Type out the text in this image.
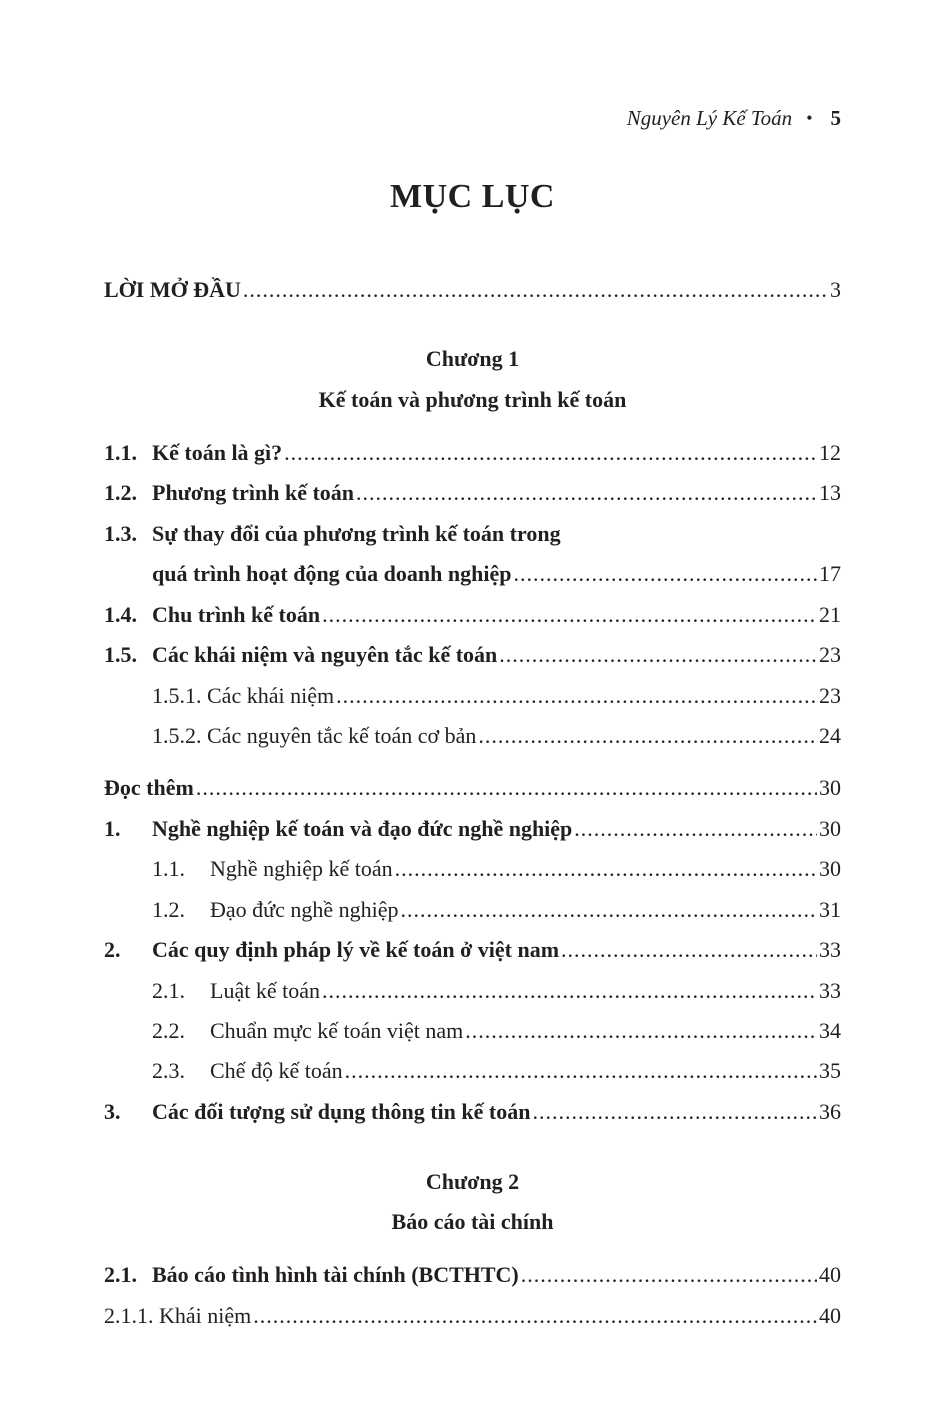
Nguyên Lý Kế Toán • 5
MỤC LỤC
LỜI MỞ ĐẦU .....	3
1.1. Kế toán là gì? .....	12
1.2. Phương trình kế toán .....	13
1.3. Sự thay đổi của phương trình kế toán trong
quá trình hoạt động của doanh nghiệp .....	17
1.4. Chu trình kế toán .....	21
1.5. Các khái niệm và nguyên tắc kế toán .....	23
1.5.1. Các khái niệm .....	23
1.5.2. Các nguyên tắc kế toán cơ bản .....	24
Đọc thêm .....	30
1.	Nghề nghiệp kế toán và đạo đức nghề nghiệp .....	30
1.1.	Nghề nghiệp kế toán .....	30
1.2.	Đạo đức nghề nghiệp .....	31
2.	Các quy định pháp lý về kế toán ở việt nam .....	33
2.1.	Luật kế toán .....	33
2.2.	Chuẩn mực kế toán việt nam .....	34
2.3.	Chế độ kế toán .....	35
3.	Các đối tượng sử dụng thông tin kế toán .....	36
2.1. Báo cáo tình hình tài chính (BCTHTC) .....	40
2.1.1. Khái niệm .....	40
Chương 1
Kế toán và phương trình kế toán
Chương 2
Báo cáo tài chính
